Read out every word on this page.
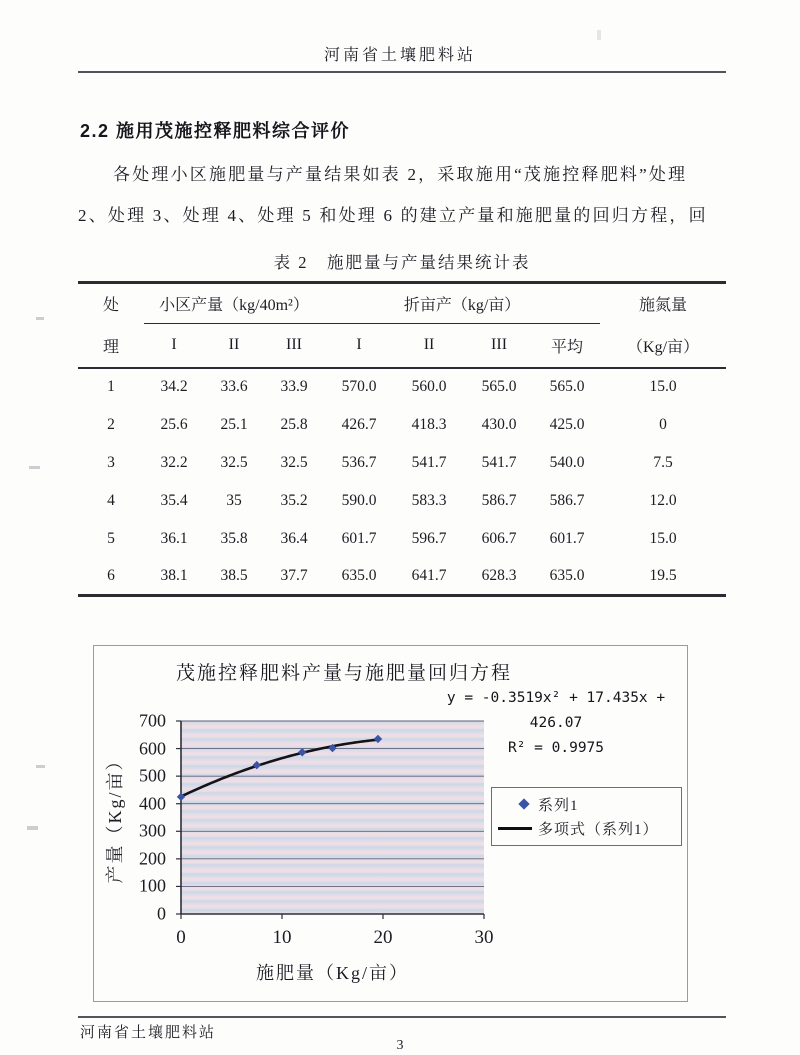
河南省土壤肥料站
2.2 施用茂施控释肥料综合评价
各处理小区施肥量与产量结果如表 2，采取施用“茂施控释肥料”处理
2、处理 3、处理 4、处理 5 和处理 6 的建立产量和施肥量的回归方程，回
表 2　施肥量与产量结果统计表
处	小区产量（kg/40m²）			折亩产（kg/亩）				施氮量
理	I	II	III	I	II	III	平均	（Kg/亩）
1	34.2	33.6	33.9	570.0	560.0	565.0	565.0	15.0
2	25.6	25.1	25.8	426.7	418.3	430.0	425.0	0
3	32.2	32.5	32.5	536.7	541.7	541.7	540.0	7.5
4	35.4	35	35.2	590.0	583.3	586.7	586.7	12.0
5	36.1	35.8	36.4	601.7	596.7	606.7	601.7	15.0
6	38.1	38.5	37.7	635.0	641.7	628.3	635.0	19.5
茂施控释肥料产量与施肥量回归方程
y = -0.3519x² + 17.435x +
426.07
R² = 0.9975
0
100
200
300
400
500
600
700
0	10	20	30
产量（Kg/亩）
施肥量（Kg/亩）
系列1
多项式（系列1）
河南省土壤肥料站
3
